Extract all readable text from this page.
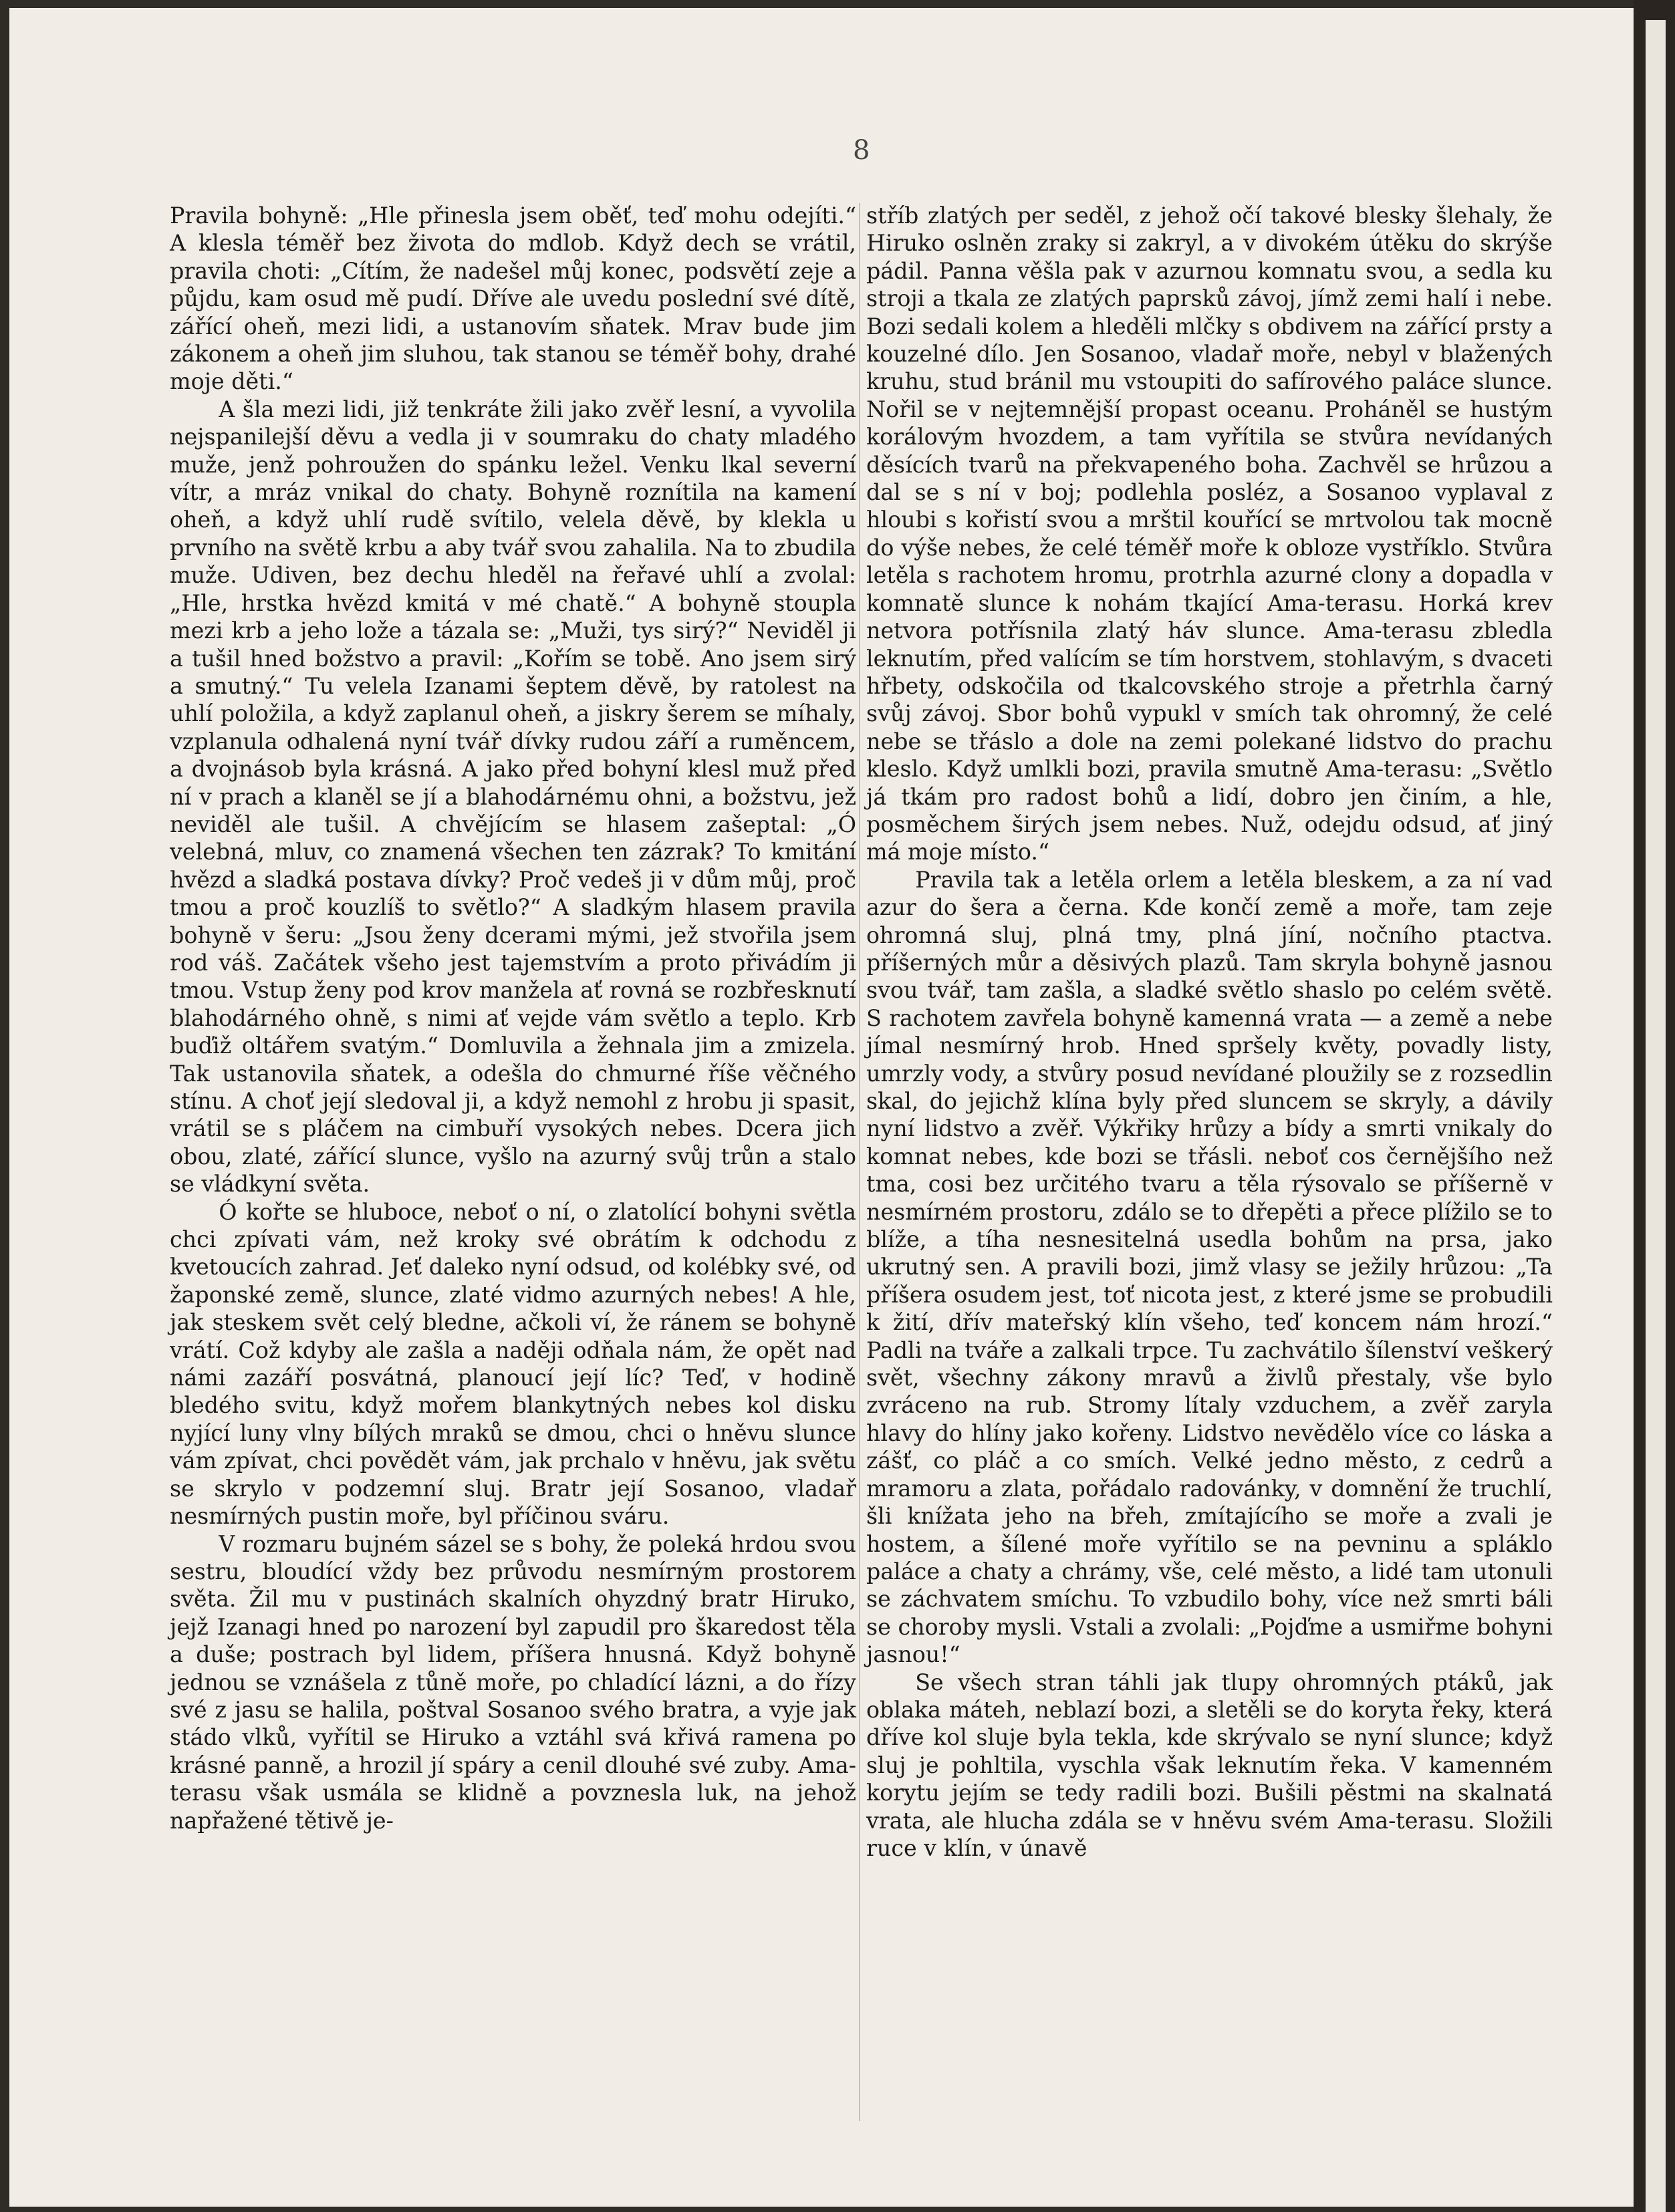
8

Pravila bohyně: „Hle přinesla jsem oběť, teď mohu odejíti.“ A klesla téměř bez života do mdlob. Když dech se vrátil, pravila choti: „Cítím, že nadešel můj konec, podsvětí zeje a půjdu, kam osud mě pudí. Dříve ale uvedu poslední své dítě, zářící oheň, mezi lidi, a ustanovím sňatek. Mrav bude jim zákonem a oheň jim sluhou, tak stanou se téměř bohy, drahé moje děti.“

A šla mezi lidi, již tenkráte žili jako zvěř lesní, a vyvolila nejspanilejší děvu a vedla ji v soumraku do chaty mladého muže, jenž pohroužen do spánku ležel. Venku lkal severní vítr, a mráz vnikal do chaty. Bohyně roznítila na kamení oheň, a když uhlí rudě svítilo, velela děvě, by klekla u prvního na světě krbu a aby tvář svou zahalila. Na to zbudila muže. Udiven, bez dechu hleděl na řeřavé uhlí a zvolal: „Hle, hrstka hvězd kmitá v mé chatě.“ A bohyně stoupla mezi krb a jeho lože a tázala se: „Muži, tys sirý?“ Neviděl ji a tušil hned božstvo a pravil: „Kořím se tobě. Ano jsem sirý a smutný.“ Tu velela Izanami šeptem děvě, by ratolest na uhlí položila, a když zaplanul oheň, a jiskry šerem se míhaly, vzplanula odhalená nyní tvář dívky rudou září a ruměncem, a dvojnásob byla krásná. A jako před bohyní klesl muž před ní v prach a klaněl se jí a blahodárnému ohni, a božstvu, jež neviděl ale tušil. A chvějícím se hlasem zašeptal: „Ó velebná, mluv, co znamená všechen ten zázrak? To kmitání hvězd a sladká postava dívky? Proč vedeš ji v dům můj, proč tmou a proč kouzlíš to světlo?“ A sladkým hlasem pravila bohyně v šeru: „Jsou ženy dcerami mými, jež stvořila jsem rod váš. Začátek všeho jest tajemstvím a proto přivádím ji tmou. Vstup ženy pod krov manžela ať rovná se rozbřesknutí blahodárného ohně, s nimi ať vejde vám světlo a teplo. Krb buďiž oltářem svatým.“ Domluvila a žehnala jim a zmizela. Tak ustanovila sňatek, a odešla do chmurné říše věčného stínu. A choť její sledoval ji, a když nemohl z hrobu ji spasit, vrátil se s pláčem na cimbuří vysokých nebes. Dcera jich obou, zlaté, zářící slunce, vyšlo na azurný svůj trůn a stalo se vládkyní světa.

Ó kořte se hluboce, neboť o ní, o zlatolící bohyni světla chci zpívati vám, než kroky své obrátím k odchodu z kvetoucích zahrad. Jeť daleko nyní odsud, od kolébky své, od žaponské země, slunce, zlaté vidmo azurných nebes! A hle, jak steskem svět celý bledne, ačkoli ví, že ránem se bohyně vrátí. Což kdyby ale zašla a naději odňala nám, že opět nad námi zazáří posvátná, planoucí její líc? Teď, v hodině bledého svitu, když mořem blankytných nebes kol disku nyjící luny vlny bílých mraků se dmou, chci o hněvu slunce vám zpívat, chci povědět vám, jak prchalo v hněvu, jak světu se skrylo v podzemní sluj. Bratr její Sosanoo, vladař nesmírných pustin moře, byl příčinou sváru.

V rozmaru bujném sázel se s bohy, že poleká hrdou svou sestru, bloudící vždy bez průvodu nesmírným prostorem světa. Žil mu v pustinách skalních ohyzdný bratr Hiruko, jejž Izanagi hned po narození byl zapudil pro škaredost těla a duše; postrach byl lidem, příšera hnusná. Když bohyně jednou se vznášela z tůně moře, po chladící lázni, a do řízy své z jasu se halila, poštval Sosanoo svého bratra, a vyje jak stádo vlků, vyřítil se Hiruko a vztáhl svá křivá ramena po krásné panně, a hrozil jí spáry a cenil dlouhé své zuby. Ama-terasu však usmála se klidně a povznesla luk, na jehož napřažené tětivě je-

stříb zlatých per seděl, z jehož očí takové blesky šlehaly, že Hiruko oslněn zraky si zakryl, a v divokém útěku do skrýše pádil. Panna věšla pak v azurnou komnatu svou, a sedla ku stroji a tkala ze zlatých paprsků závoj, jímž zemi halí i nebe. Bozi sedali kolem a hleděli mlčky s obdivem na zářící prsty a kouzelné dílo. Jen Sosanoo, vladař moře, nebyl v blažených kruhu, stud bránil mu vstoupiti do safírového paláce slunce. Nořil se v nejtemnější propast oceanu. Proháněl se hustým korálovým hvozdem, a tam vyřítila se stvůra nevídaných děsících tvarů na překvapeného boha. Zachvěl se hrůzou a dal se s ní v boj; podlehla posléz, a Sosanoo vyplaval z hloubi s kořistí svou a mrštil kouřící se mrtvolou tak mocně do výše nebes, že celé téměř moře k obloze vystříklo. Stvůra letěla s rachotem hromu, protrhla azurné clony a dopadla v komnatě slunce k nohám tkající Ama-terasu. Horká krev netvora potřísnila zlatý háv slunce. Ama-terasu zbledla leknutím, před valícím se tím horstvem, stohlavým, s dvaceti hřbety, odskočila od tkalcovského stroje a přetrhla čarný svůj závoj. Sbor bohů vypukl v smích tak ohromný, že celé nebe se třáslo a dole na zemi polekané lidstvo do prachu kleslo. Když umlkli bozi, pravila smutně Ama-terasu: „Světlo já tkám pro radost bohů a lidí, dobro jen činím, a hle, posměchem širých jsem nebes. Nuž, odejdu odsud, ať jiný má moje místo.“

Pravila tak a letěla orlem a letěla bleskem, a za ní vad azur do šera a černa. Kde končí země a moře, tam zeje ohromná sluj, plná tmy, plná jíní, nočního ptactva. příšerných můr a děsivých plazů. Tam skryla bohyně jasnou svou tvář, tam zašla, a sladké světlo shaslo po celém světě. S rachotem zavřela bohyně kamenná vrata — a země a nebe jímal nesmírný hrob. Hned spršely květy, povadly listy, umrzly vody, a stvůry posud nevídané ploužily se z rozsedlin skal, do jejichž klína byly před sluncem se skryly, a dávily nyní lidstvo a zvěř. Výkřiky hrůzy a bídy a smrti vnikaly do komnat nebes, kde bozi se třásli. neboť cos černějšího než tma, cosi bez určitého tvaru a těla rýsovalo se příšerně v nesmírném prostoru, zdálo se to dřepěti a přece plížilo se to blíže, a tíha nesnesitelná usedla bohům na prsa, jako ukrutný sen. A pravili bozi, jimž vlasy se ježily hrůzou: „Ta příšera osudem jest, toť nicota jest, z které jsme se probudili k žití, dřív mateřský klín všeho, teď koncem nám hrozí.“ Padli na tváře a zalkali trpce. Tu zachvátilo šílenství veškerý svět, všechny zákony mravů a živlů přestaly, vše bylo zvráceno na rub. Stromy lítaly vzduchem, a zvěř zaryla hlavy do hlíny jako kořeny. Lidstvo nevědělo více co láska a zášť, co pláč a co smích. Velké jedno město, z cedrů a mramoru a zlata, pořádalo radovánky, v domnění že truchlí, šli knížata jeho na břeh, zmítajícího se moře a zvali je hostem, a šílené moře vyřítilo se na pevninu a spláklo paláce a chaty a chrámy, vše, celé město, a lidé tam utonuli se záchvatem smíchu. To vzbudilo bohy, více než smrti báli se choroby mysli. Vstali a zvolali: „Pojďme a usmiřme bohyni jasnou!“

Se všech stran táhli jak tlupy ohromných ptáků, jak oblaka máteh, neblazí bozi, a sletěli se do koryta řeky, která dříve kol sluje byla tekla, kde skrývalo se nyní slunce; když sluj je pohltila, vyschla však leknutím řeka. V kamenném korytu jejím se tedy radili bozi. Bušili pěstmi na skalnatá vrata, ale hlucha zdála se v hněvu svém Ama-terasu. Složili ruce v klín, v únavě
